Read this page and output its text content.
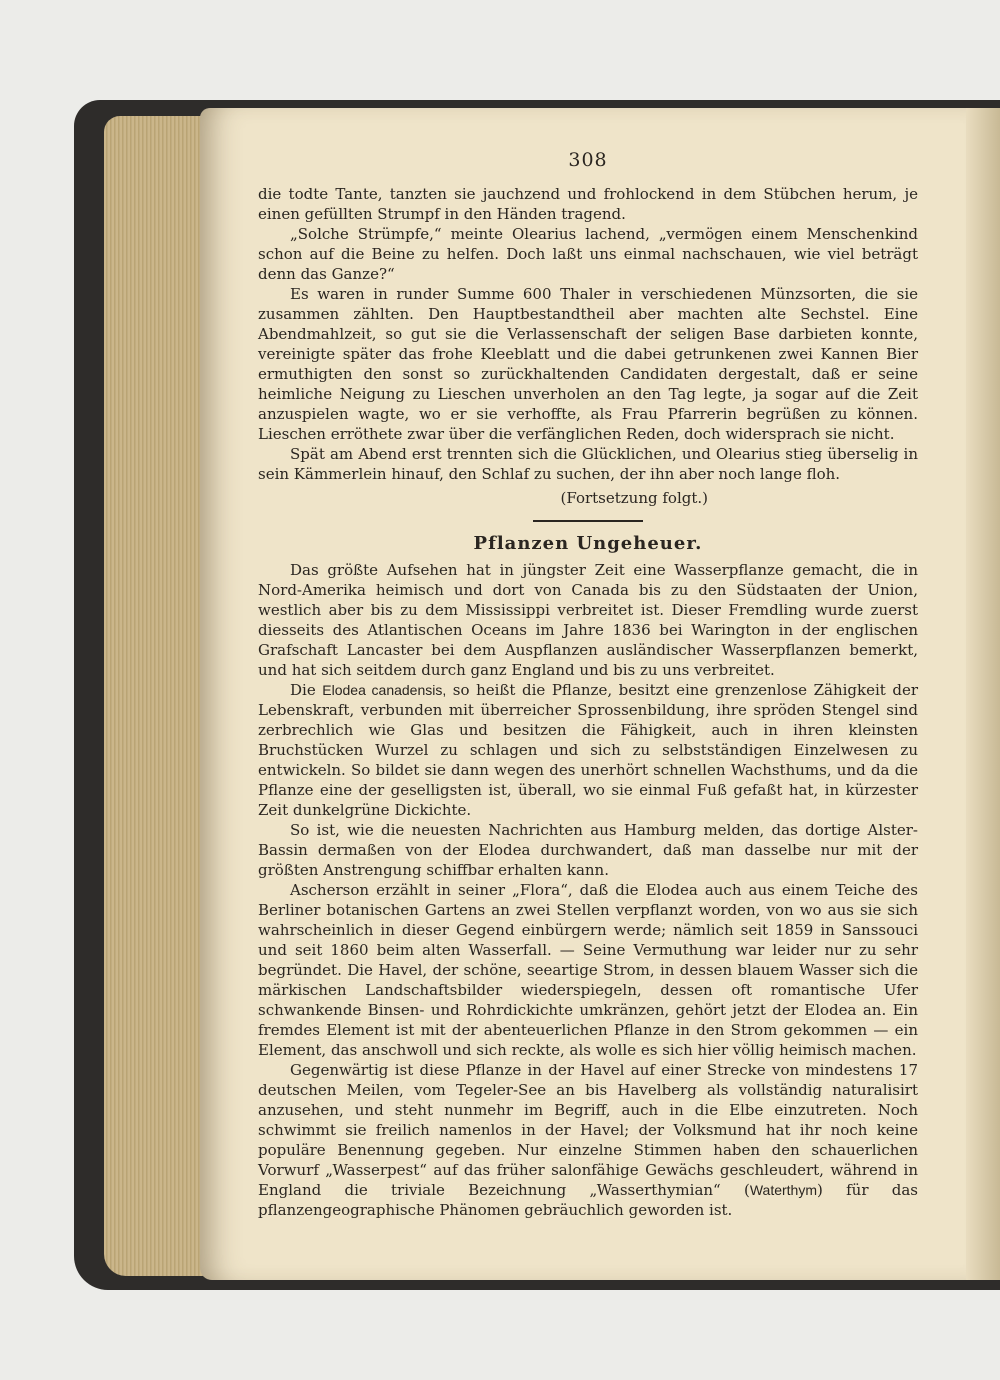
308

die todte Tante, tanzten sie jauchzend und frohlockend in dem Stübchen herum, je einen gefüllten Strumpf in den Händen tragend.

„Solche Strümpfe,“ meinte Olearius lachend, „vermögen einem Menschenkind schon auf die Beine zu helfen. Doch laßt uns einmal nachschauen, wie viel beträgt denn das Ganze?“

Es waren in runder Summe 600 Thaler in verschiedenen Münzsorten, die sie zusammen zählten. Den Hauptbestandtheil aber machten alte Sechstel. Eine Abendmahlzeit, so gut sie die Verlassenschaft der seligen Base darbieten konnte, vereinigte später das frohe Kleeblatt und die dabei getrunkenen zwei Kannen Bier ermuthigten den sonst so zurückhaltenden Candidaten dergestalt, daß er seine heimliche Neigung zu Lieschen unverholen an den Tag legte, ja sogar auf die Zeit anzuspielen wagte, wo er sie verhoffte, als Frau Pfarrerin begrüßen zu können. Lieschen erröthete zwar über die verfänglichen Reden, doch widersprach sie nicht.

Spät am Abend erst trennten sich die Glücklichen, und Olearius stieg überselig in sein Kämmerlein hinauf, den Schlaf zu suchen, der ihn aber noch lange floh.

(Fortsetzung folgt.)

Pflanzen Ungeheuer.

Das größte Aufsehen hat in jüngster Zeit eine Wasserpflanze gemacht, die in Nord-Amerika heimisch und dort von Canada bis zu den Südstaaten der Union, westlich aber bis zu dem Mississippi verbreitet ist. Dieser Fremdling wurde zuerst diesseits des Atlantischen Oceans im Jahre 1836 bei Warington in der englischen Grafschaft Lancaster bei dem Auspflanzen ausländischer Wasserpflanzen bemerkt, und hat sich seitdem durch ganz England und bis zu uns verbreitet.

Die Elodea canadensis, so heißt die Pflanze, besitzt eine grenzenlose Zähigkeit der Lebenskraft, verbunden mit überreicher Sprossenbildung, ihre spröden Stengel sind zerbrechlich wie Glas und besitzen die Fähigkeit, auch in ihren kleinsten Bruchstücken Wurzel zu schlagen und sich zu selbstständigen Einzelwesen zu entwickeln. So bildet sie dann wegen des unerhört schnellen Wachsthums, und da die Pflanze eine der geselligsten ist, überall, wo sie einmal Fuß gefaßt hat, in kürzester Zeit dunkelgrüne Dickichte.

So ist, wie die neuesten Nachrichten aus Hamburg melden, das dortige Alster-Bassin dermaßen von der Elodea durchwandert, daß man dasselbe nur mit der größten Anstrengung schiffbar erhalten kann.

Ascherson erzählt in seiner „Flora“, daß die Elodea auch aus einem Teiche des Berliner botanischen Gartens an zwei Stellen verpflanzt worden, von wo aus sie sich wahrscheinlich in dieser Gegend einbürgern werde; nämlich seit 1859 in Sanssouci und seit 1860 beim alten Wasserfall. — Seine Vermuthung war leider nur zu sehr begründet. Die Havel, der schöne, seeartige Strom, in dessen blauem Wasser sich die märkischen Landschaftsbilder wiederspiegeln, dessen oft romantische Ufer schwankende Binsen- und Rohrdickichte umkränzen, gehört jetzt der Elodea an. Ein fremdes Element ist mit der abenteuerlichen Pflanze in den Strom gekommen — ein Element, das anschwoll und sich reckte, als wolle es sich hier völlig heimisch machen.

Gegenwärtig ist diese Pflanze in der Havel auf einer Strecke von mindestens 17 deutschen Meilen, vom Tegeler-See an bis Havelberg als vollständig naturalisirt anzusehen, und steht nunmehr im Begriff, auch in die Elbe einzutreten. Noch schwimmt sie freilich namenlos in der Havel; der Volksmund hat ihr noch keine populäre Benennung gegeben. Nur einzelne Stimmen haben den schauerlichen Vorwurf „Wasserpest“ auf das früher salonfähige Gewächs geschleudert, während in England die triviale Bezeichnung „Wasserthymian“ (Waterthym) für das pflanzengeographische Phänomen gebräuchlich geworden ist.
